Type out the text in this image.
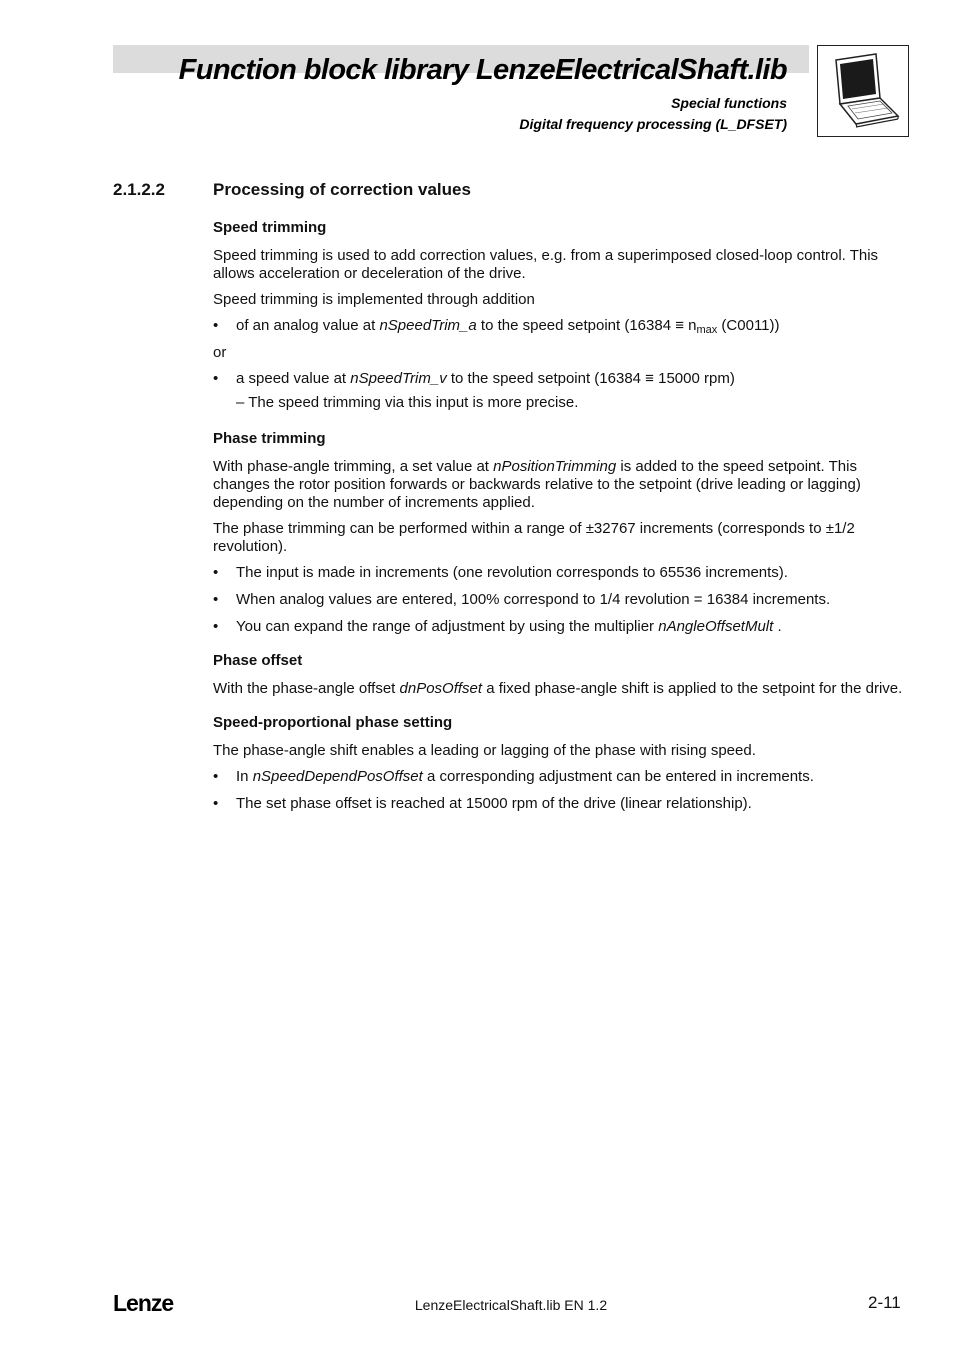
Function block library LenzeElectricalShaft.lib
Special functions
Digital frequency processing (L_DFSET)
2.1.2.2	Processing of correction values
Speed trimming

Speed trimming is used to add correction values, e.g. from a superimposed closed-loop control. This allows acceleration or deceleration of the drive.

Speed trimming is implemented through addition

• of an analog value at nSpeedTrim_a to the speed setpoint ($16384 \equiv n_{max}$ (C0011))

or

• a speed value at nSpeedTrim_v to the speed setpoint (16384 ≡ 15000 rpm)
– The speed trimming via this input is more precise.
Phase trimming

With phase-angle trimming, a set value at nPositionTrimming is added to the speed setpoint. This changes the rotor position forwards or backwards relative to the setpoint (drive leading or lagging) depending on the number of increments applied.

The phase trimming can be performed within a range of ±32767 increments (corresponds to ±1/2 revolution).

• The input is made in increments (one revolution corresponds to 65536 increments).
• When analog values are entered, 100% correspond to 1/4 revolution = 16384 increments.
• You can expand the range of adjustment by using the multiplier nAngleOffsetMult .
Phase offset

With the phase-angle offset dnPosOffset a fixed phase-angle shift is applied to the setpoint for the drive.

Speed-proportional phase setting

The phase-angle shift enables a leading or lagging of the phase with rising speed.

• In nSpeedDependPosOffset a corresponding adjustment can be entered in increments.
• The set phase offset is reached at 15000 rpm of the drive (linear relationship).
Lenze	LenzeElectricalShaft.lib EN 1.2	2-11
